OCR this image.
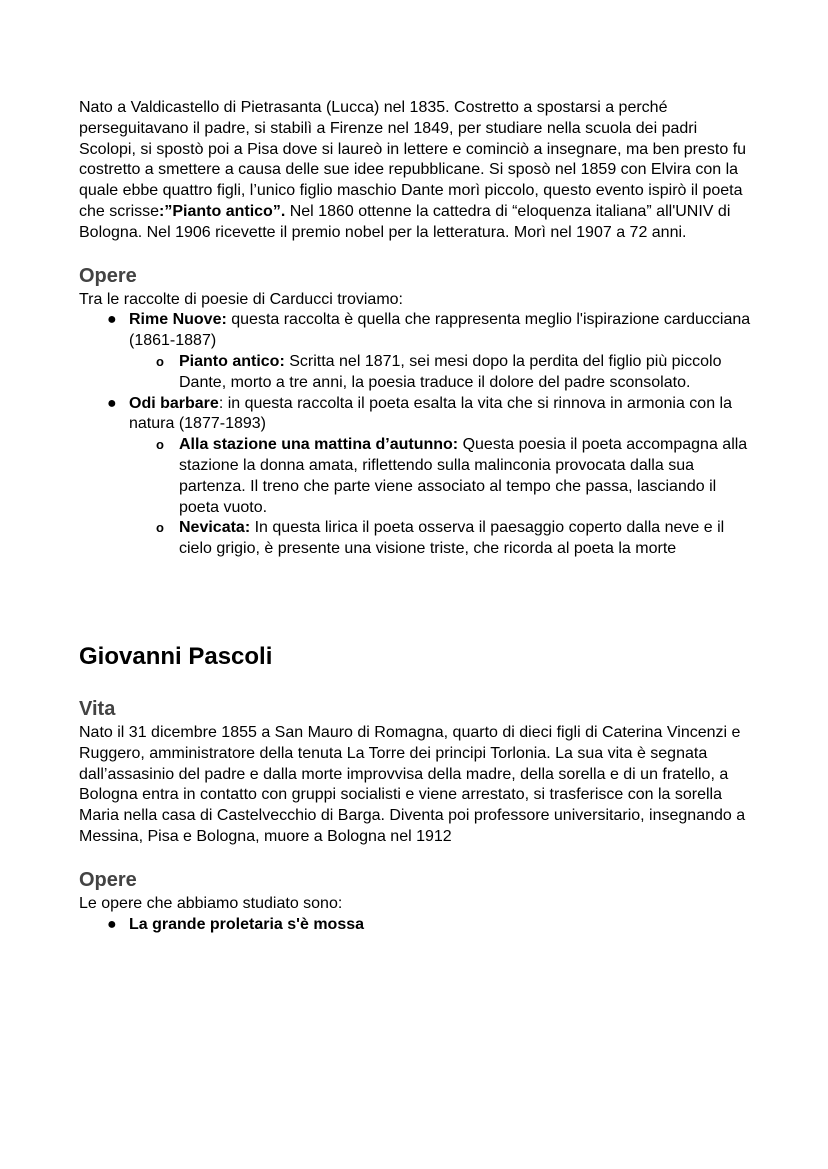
Nato a Valdicastello di Pietrasanta (Lucca) nel 1835. Costretto a spostarsi a perché perseguitavano il padre, si stabilì a Firenze nel 1849, per studiare nella scuola dei padri Scolopi, si spostò poi a Pisa dove si laureò in lettere e cominciò a insegnare, ma ben presto fu costretto a smettere a causa delle sue idee repubblicane. Si sposò nel 1859 con Elvira con la quale ebbe quattro figli, l’unico figlio maschio Dante morì piccolo, questo evento ispirò il poeta che scrisse:”Pianto antico”. Nel 1860 ottenne la cattedra di “eloquenza italiana” all'UNIV di Bologna. Nel 1906 ricevette il premio nobel per la letteratura. Morì nel 1907 a 72 anni.

Opere

Tra le raccolte di poesie di Carducci troviamo:

● Rime Nuove: questa raccolta è quella che rappresenta meglio l'ispirazione carducciana (1861-1887)
o Pianto antico: Scritta nel 1871, sei mesi dopo la perdita del figlio più piccolo Dante, morto a tre anni, la poesia traduce il dolore del padre sconsolato.
● Odi barbare: in questa raccolta il poeta esalta la vita che si rinnova in armonia con la natura (1877-1893)
o Alla stazione una mattina d’autunno: Questa poesia il poeta accompagna alla stazione la donna amata, riflettendo sulla malinconia provocata dalla sua partenza. Il treno che parte viene associato al tempo che passa, lasciando il poeta vuoto.
o Nevicata: In questa lirica il poeta osserva il paesaggio coperto dalla neve e il cielo grigio, è presente una visione triste, che ricorda al poeta la morte
Giovanni Pascoli
Vita

Nato il 31 dicembre 1855 a San Mauro di Romagna, quarto di dieci figli di Caterina Vincenzi e Ruggero, amministratore della tenuta La Torre dei principi Torlonia. La sua vita è segnata dall’assasinio del padre e dalla morte improvvisa della madre, della sorella e di un fratello, a Bologna entra in contatto con gruppi socialisti e viene arrestato, si trasferisce con la sorella Maria nella casa di Castelvecchio di Barga. Diventa poi professore universitario, insegnando a Messina, Pisa e Bologna, muore a Bologna nel 1912

Opere

Le opere che abbiamo studiato sono:

● La grande proletaria s'è mossa
